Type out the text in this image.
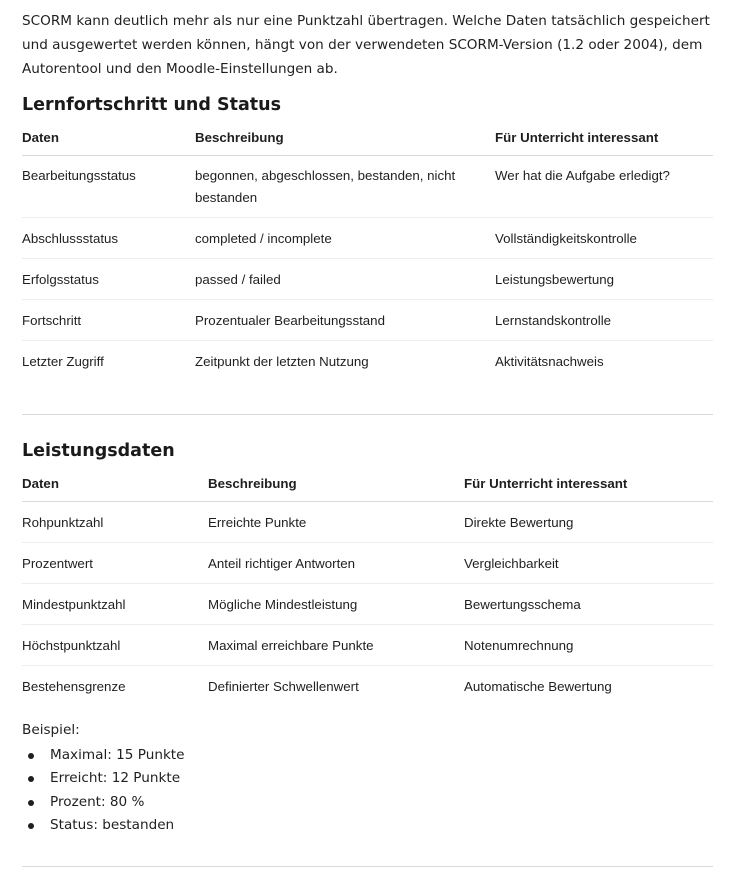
SCORM kann deutlich mehr als nur eine Punktzahl übertragen. Welche Daten tatsächlich gespeichert und ausgewertet werden können, hängt von der verwendeten SCORM-Version (1.2 oder 2004), dem Autorentool und den Moodle-Einstellungen ab.

Lernfortschritt und Status
Daten	Beschreibung	Für Unterricht interessant

Bearbeitungsstatus	begonnen, abgeschlossen, bestanden, nicht bestanden	Wer hat die Aufgabe erledigt?

Abschlussstatus	completed / incomplete	Vollständigkeitskontrolle
Erfolgsstatus	passed / failed	Leistungsbewertung
Fortschritt	Prozentualer Bearbeitungsstand	Lernstandskontrolle
Letzter Zugriff	Zeitpunkt der letzten Nutzung	Aktivitätsnachweis
Leistungsdaten
Daten	Beschreibung	Für Unterricht interessant
Rohpunktzahl	Erreichte Punkte	Direkte Bewertung
Prozentwert	Anteil richtiger Antworten	Vergleichbarkeit
Mindestpunktzahl	Mögliche Mindestleistung	Bewertungsschema
Höchstpunktzahl	Maximal erreichbare Punkte	Notenumrechnung
Bestehensgrenze	Definierter Schwellenwert	Automatische Bewertung

Beispiel:

Maximal: 15 Punkte
Erreicht: 12 Punkte
Prozent: 80 %
Status: bestanden
